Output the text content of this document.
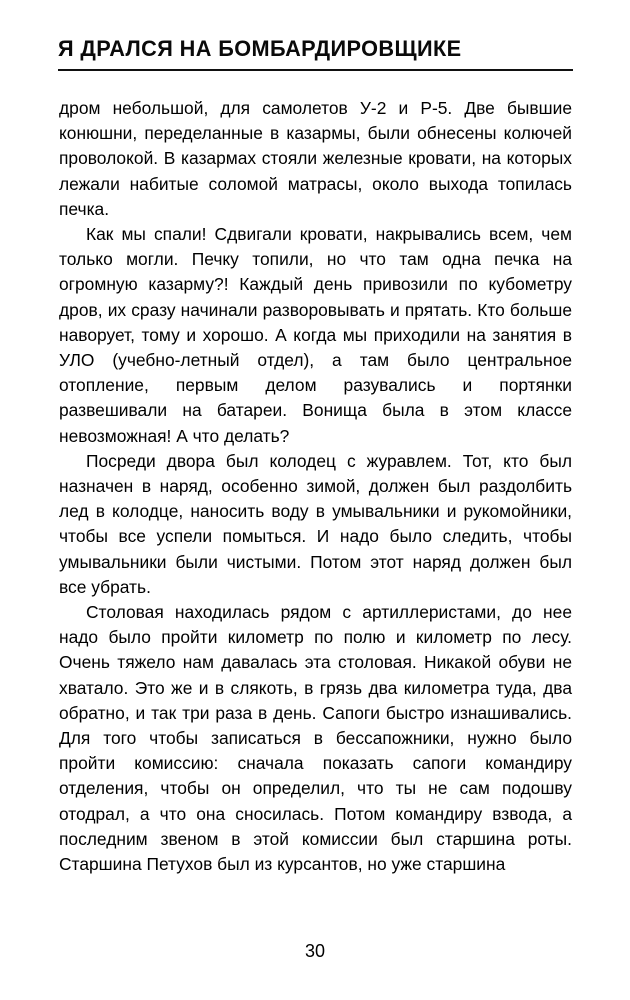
Я ДРАЛСЯ НА БОМБАРДИРОВЩИКЕ

дром небольшой, для самолетов У-2 и Р-5. Две бывшие конюшни, переделанные в казармы, были обнесены колючей проволокой. В казармах стояли железные кровати, на которых лежали набитые соломой матрасы, около выхода топилась печка.

Как мы спали! Сдвигали кровати, накрывались всем, чем только могли. Печку топили, но что там одна печка на огромную казарму?! Каждый день привозили по кубометру дров, их сразу начинали разворовывать и прятать. Кто больше наворует, тому и хорошо. А когда мы приходили на занятия в УЛО (учебно-летный отдел), а там было центральное отопление, первым делом разувались и портянки развешивали на батареи. Вонища была в этом классе невозможная! А что делать?

Посреди двора был колодец с журавлем. Тот, кто был назначен в наряд, особенно зимой, должен был раздолбить лед в колодце, наносить воду в умывальники и рукомойники, чтобы все успели помыться. И надо было следить, чтобы умывальники были чистыми. Потом этот наряд должен был все убрать.

Столовая находилась рядом с артиллеристами, до нее надо было пройти километр по полю и километр по лесу. Очень тяжело нам давалась эта столовая. Никакой обуви не хватало. Это же и в слякоть, в грязь два километра туда, два обратно, и так три раза в день. Сапоги быстро изнашивались. Для того чтобы записаться в бессапожники, нужно было пройти комиссию: сначала показать сапоги командиру отделения, чтобы он определил, что ты не сам подошву отодрал, а что она сносилась. Потом командиру взвода, а последним звеном в этой комиссии был старшина роты. Старшина Петухов был из курсантов, но уже старшина

30
